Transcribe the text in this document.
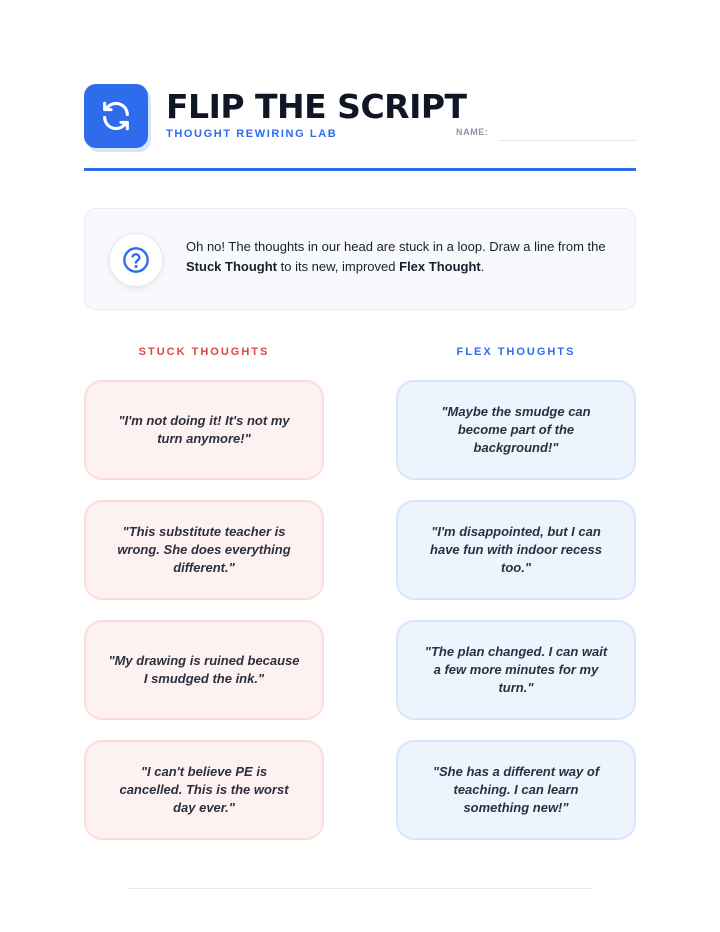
FLIP THE SCRIPT
THOUGHT REWIRING LAB	NAME:

Oh no! The thoughts in our head are stuck in a loop. Draw a line from the Stuck Thought to its new, improved Flex Thought.

STUCK THOUGHTS	FLEX THOUGHTS
"I'm not doing it! It's not my turn anymore!"
"This substitute teacher is wrong. She does everything different."
"My drawing is ruined because I smudged the ink."
"I can't believe PE is cancelled. This is the worst day ever."
"Maybe the smudge can become part of the background!"
"I'm disappointed, but I can have fun with indoor recess too."
"The plan changed. I can wait a few more minutes for my turn."
"She has a different way of teaching. I can learn something new!"
